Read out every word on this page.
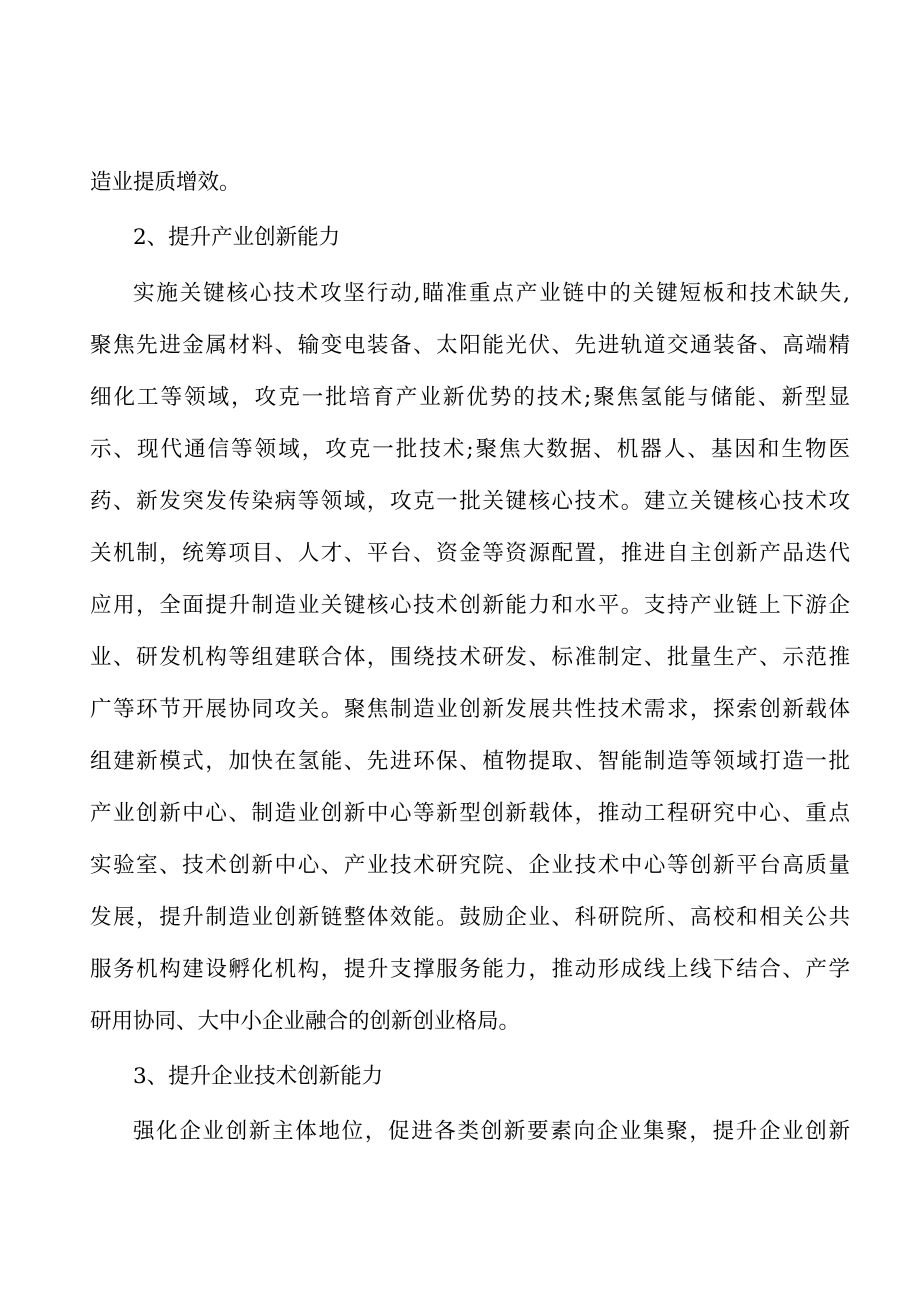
造业提质增效。
2、提升产业创新能力
实施关键核心技术攻坚行动,瞄准重点产业链中的关键短板和技术缺失,
聚焦先进金属材料、输变电装备、太阳能光伏、先进轨道交通装备、高端精
细化工等领域，攻克一批培育产业新优势的技术;聚焦氢能与储能、新型显
示、现代通信等领域，攻克一批技术;聚焦大数据、机器人、基因和生物医
药、新发突发传染病等领域，攻克一批关键核心技术。建立关键核心技术攻
关机制，统筹项目、人才、平台、资金等资源配置，推进自主创新产品迭代
应用，全面提升制造业关键核心技术创新能力和水平。支持产业链上下游企
业、研发机构等组建联合体，围绕技术研发、标准制定、批量生产、示范推
广等环节开展协同攻关。聚焦制造业创新发展共性技术需求，探索创新载体
组建新模式，加快在氢能、先进环保、植物提取、智能制造等领域打造一批
产业创新中心、制造业创新中心等新型创新载体，推动工程研究中心、重点
实验室、技术创新中心、产业技术研究院、企业技术中心等创新平台高质量
发展，提升制造业创新链整体效能。鼓励企业、科研院所、高校和相关公共
服务机构建设孵化机构，提升支撑服务能力，推动形成线上线下结合、产学
研用协同、大中小企业融合的创新创业格局。
3、提升企业技术创新能力
强化企业创新主体地位，促进各类创新要素向企业集聚，提升企业创新
